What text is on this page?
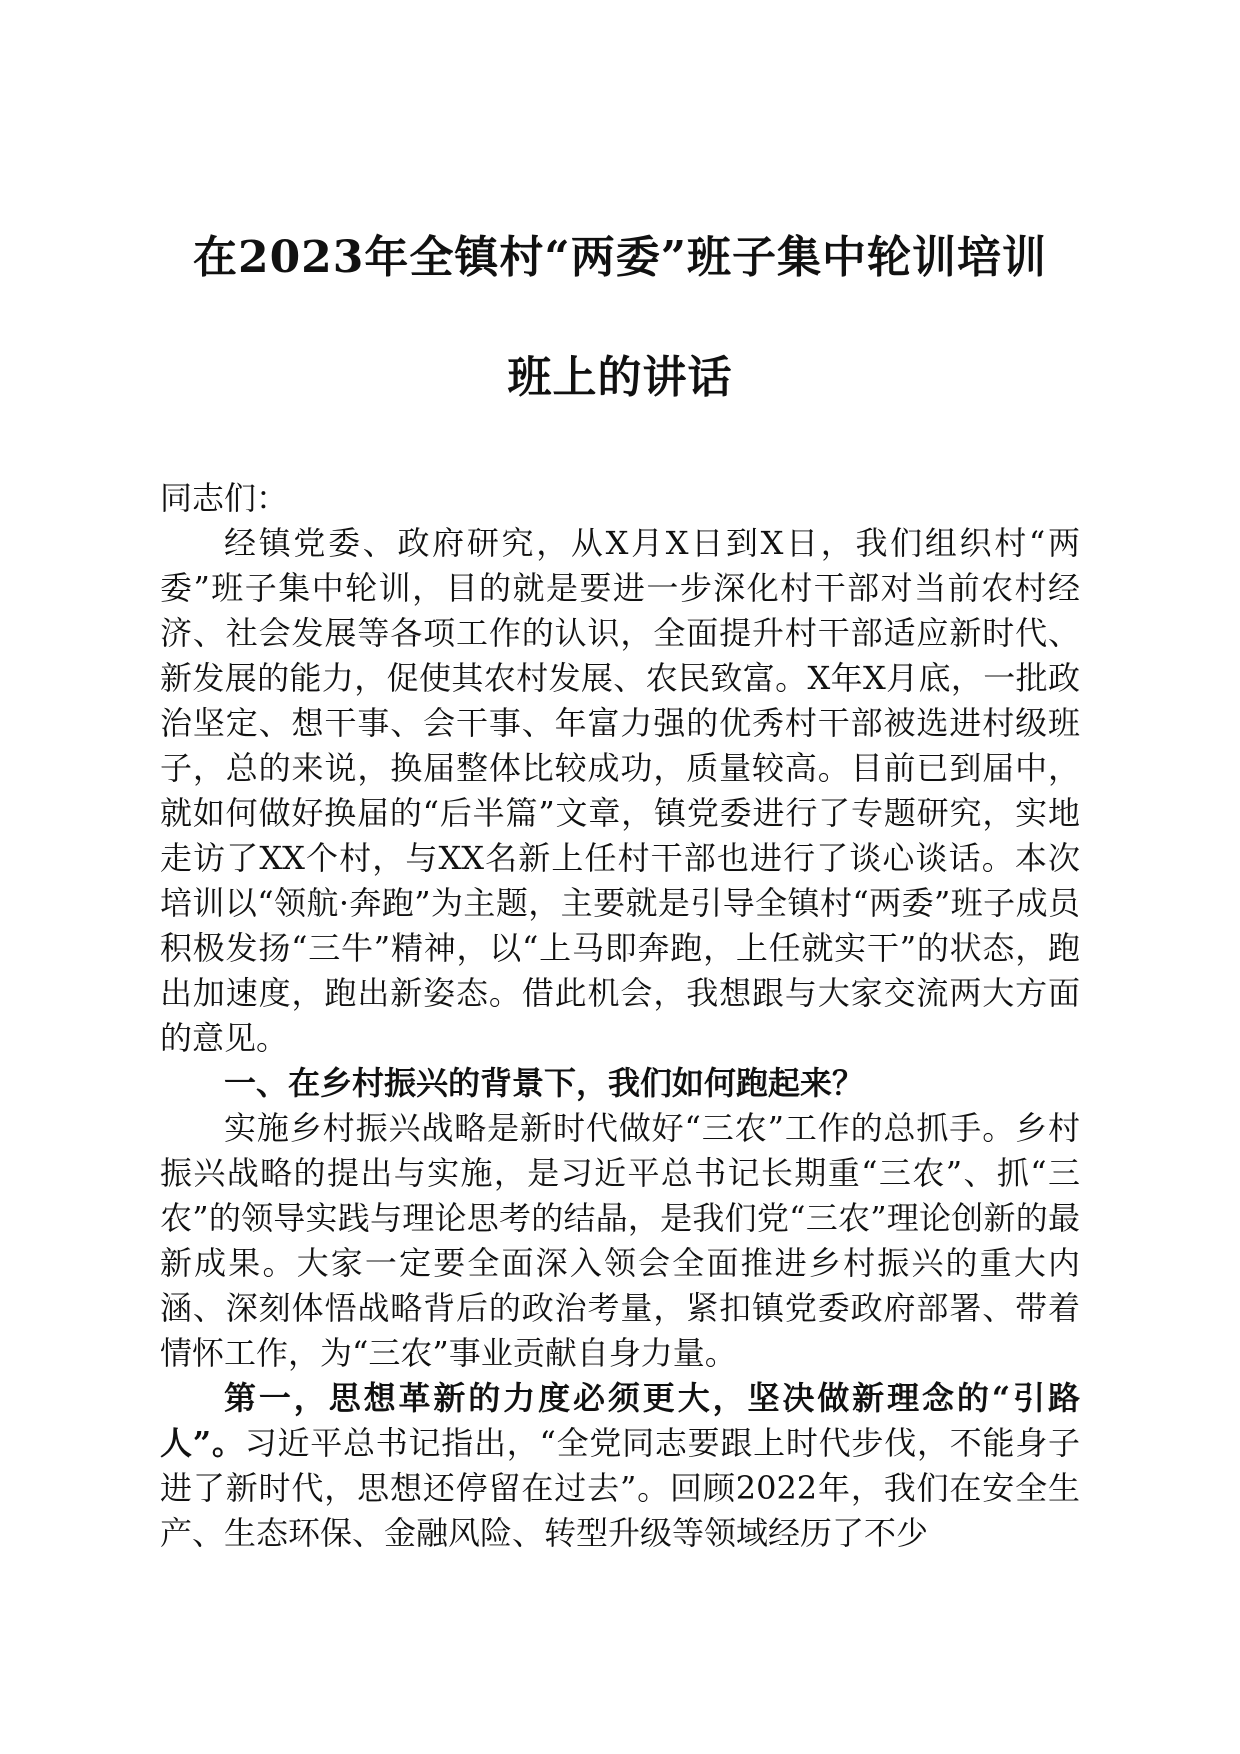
在2023年全镇村“两委”班子集中轮训培训
班上的讲话

同志们：

经镇党委、政府研究，从X月X日到X日，我们组织村“两委”班子集中轮训，目的就是要进一步深化村干部对当前农村经济、社会发展等各项工作的认识，全面提升村干部适应新时代、新发展的能力，促使其农村发展、农民致富。X年X月底，一批政治坚定、想干事、会干事、年富力强的优秀村干部被选进村级班子，总的来说，换届整体比较成功，质量较高。目前已到届中，就如何做好换届的“后半篇”文章，镇党委进行了专题研究，实地走访了XX个村，与XX名新上任村干部也进行了谈心谈话。本次培训以“领航·奔跑”为主题，主要就是引导全镇村“两委”班子成员积极发扬“三牛”精神，以“上马即奔跑，上任就实干”的状态，跑出加速度，跑出新姿态。借此机会，我想跟与大家交流两大方面的意见。

一、在乡村振兴的背景下，我们如何跑起来？

实施乡村振兴战略是新时代做好“三农”工作的总抓手。乡村振兴战略的提出与实施，是习近平总书记长期重“三农”、抓“三农”的领导实践与理论思考的结晶，是我们党“三农”理论创新的最新成果。大家一定要全面深入领会全面推进乡村振兴的重大内涵、深刻体悟战略背后的政治考量，紧扣镇党委政府部署、带着情怀工作，为“三农”事业贡献自身力量。

第一，思想革新的力度必须更大，坚决做新理念的“引路人”。习近平总书记指出，“全党同志要跟上时代步伐，不能身子进了新时代，思想还停留在过去”。回顾2022年，我们在安全生产、生态环保、金融风险、转型升级等领域经历了不少
